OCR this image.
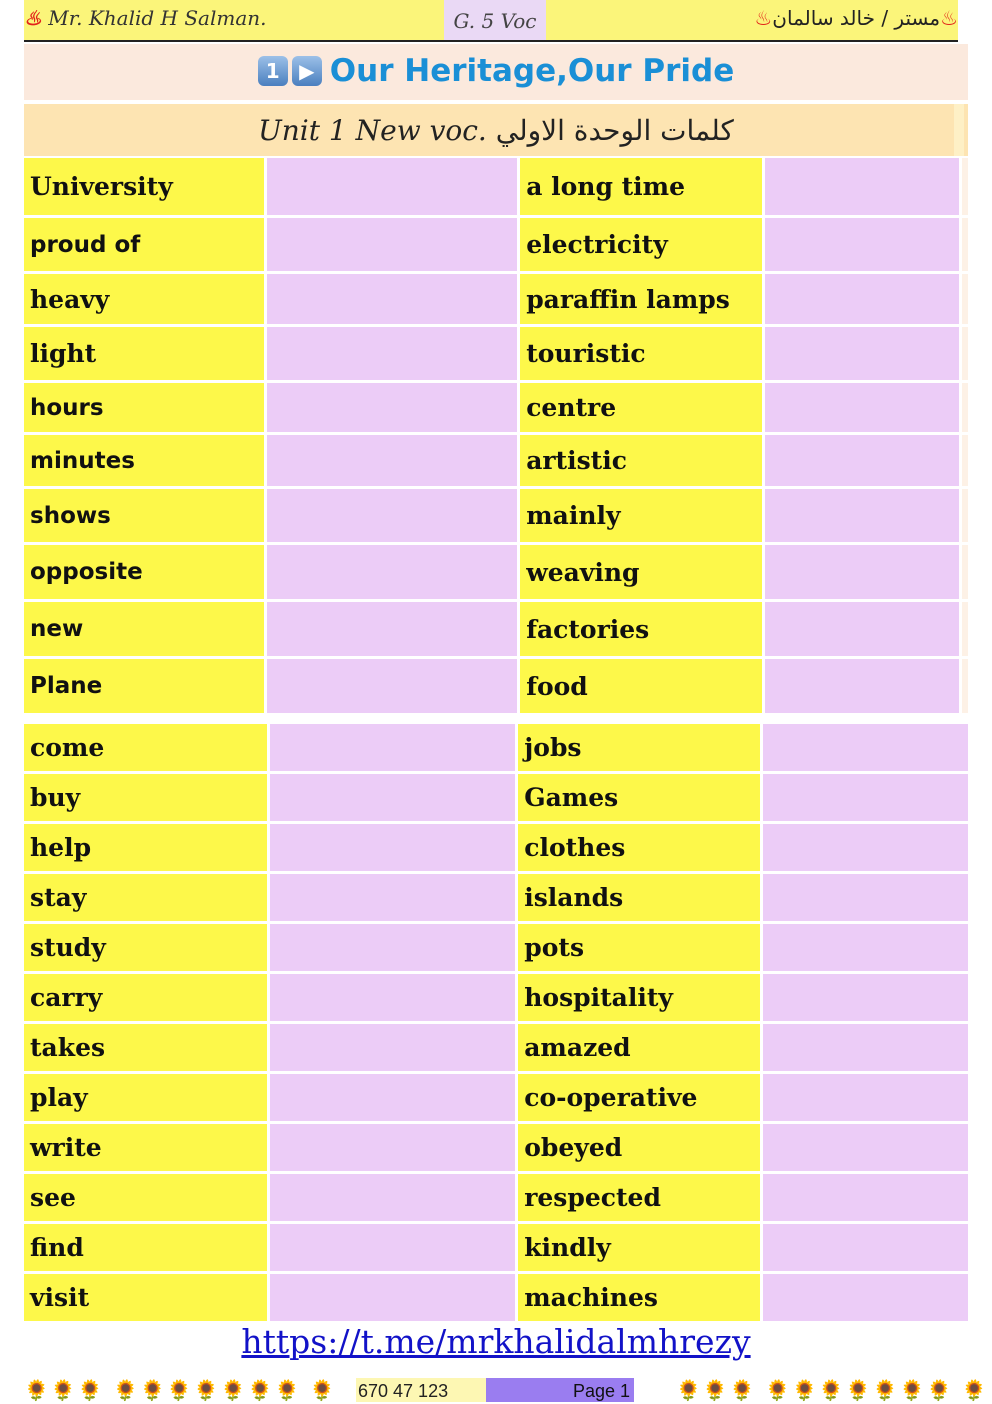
♨ Mr. Khalid H Salman.	G. 5 Voc	♨مستر / خالد سالمان♨
1 ▶ Our Heritage,Our Pride
Unit 1 New voc. كلمات الوحدة الاولي
University		a long time		
proud of		electricity		
heavy		paraffin lamps		
light		touristic		
hours		centre		
minutes		artistic		
shows		mainly		
opposite		weaving		
new		factories		
Plane		food		
come		jobs	
buy		Games	
help		clothes	
stay		islands	
study		pots	
carry		hospitality	
takes		amazed	
play		co-operative	
write		obeyed	
see		respected	
find		kindly	
visit		machines	
https://t.me/mrkhalidalmhrezy
🌻🌻🌻 🌻🌻🌻🌻🌻🌻🌻 🌻 670 47 123	Page 1 🌻🌻🌻 🌻🌻🌻🌻🌻🌻🌻 🌻
